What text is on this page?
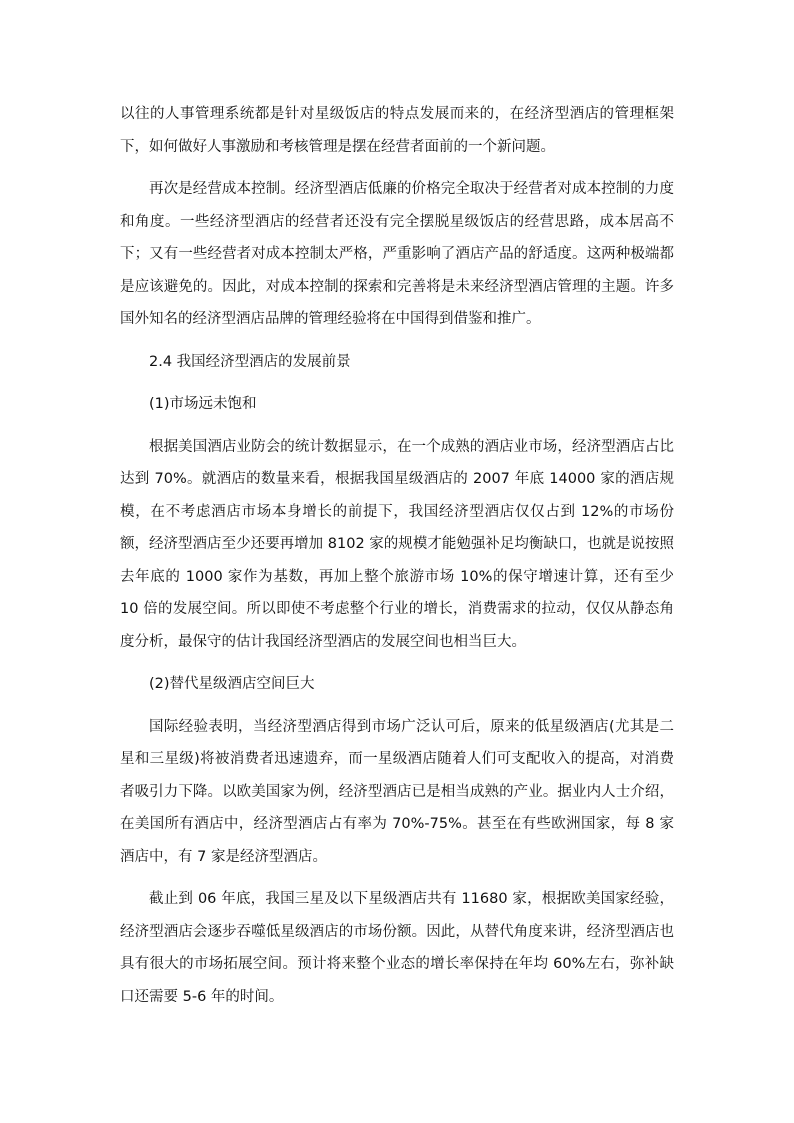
以往的人事管理系统都是针对星级饭店的特点发展而来的，在经济型酒店的管理框架下，如何做好人事激励和考核管理是摆在经营者面前的一个新问题。

再次是经营成本控制。经济型酒店低廉的价格完全取决于经营者对成本控制的力度和角度。一些经济型酒店的经营者还没有完全摆脱星级饭店的经营思路，成本居高不下；又有一些经营者对成本控制太严格，严重影响了酒店产品的舒适度。这两种极端都是应该避免的。因此，对成本控制的探索和完善将是未来经济型酒店管理的主题。许多国外知名的经济型酒店品牌的管理经验将在中国得到借鉴和推广。

2.4 我国经济型酒店的发展前景

(1)市场远未饱和

根据美国酒店业防会的统计数据显示，在一个成熟的酒店业市场，经济型酒店占比达到 70%。就酒店的数量来看，根据我国星级酒店的 2007 年底 14000 家的酒店规模，在不考虑酒店市场本身增长的前提下，我国经济型酒店仅仅占到 12%的市场份额，经济型酒店至少还要再增加 8102 家的规模才能勉强补足均衡缺口，也就是说按照去年底的 1000 家作为基数，再加上整个旅游市场 10%的保守增速计算，还有至少 10 倍的发展空间。所以即使不考虑整个行业的增长，消费需求的拉动，仅仅从静态角度分析，最保守的估计我国经济型酒店的发展空间也相当巨大。

(2)替代星级酒店空间巨大

国际经验表明，当经济型酒店得到市场广泛认可后，原来的低星级酒店(尤其是二星和三星级)将被消费者迅速遗弃，而一星级酒店随着人们可支配收入的提高，对消费者吸引力下降。以欧美国家为例，经济型酒店已是相当成熟的产业。据业内人士介绍，在美国所有酒店中，经济型酒店占有率为 70%-75%。甚至在有些欧洲国家，每 8 家酒店中，有 7 家是经济型酒店。

截止到 06 年底，我国三星及以下星级酒店共有 11680 家，根据欧美国家经验，经济型酒店会逐步吞噬低星级酒店的市场份额。因此，从替代角度来讲，经济型酒店也具有很大的市场拓展空间。预计将来整个业态的增长率保持在年均 60%左右，弥补缺口还需要 5-6 年的时间。
